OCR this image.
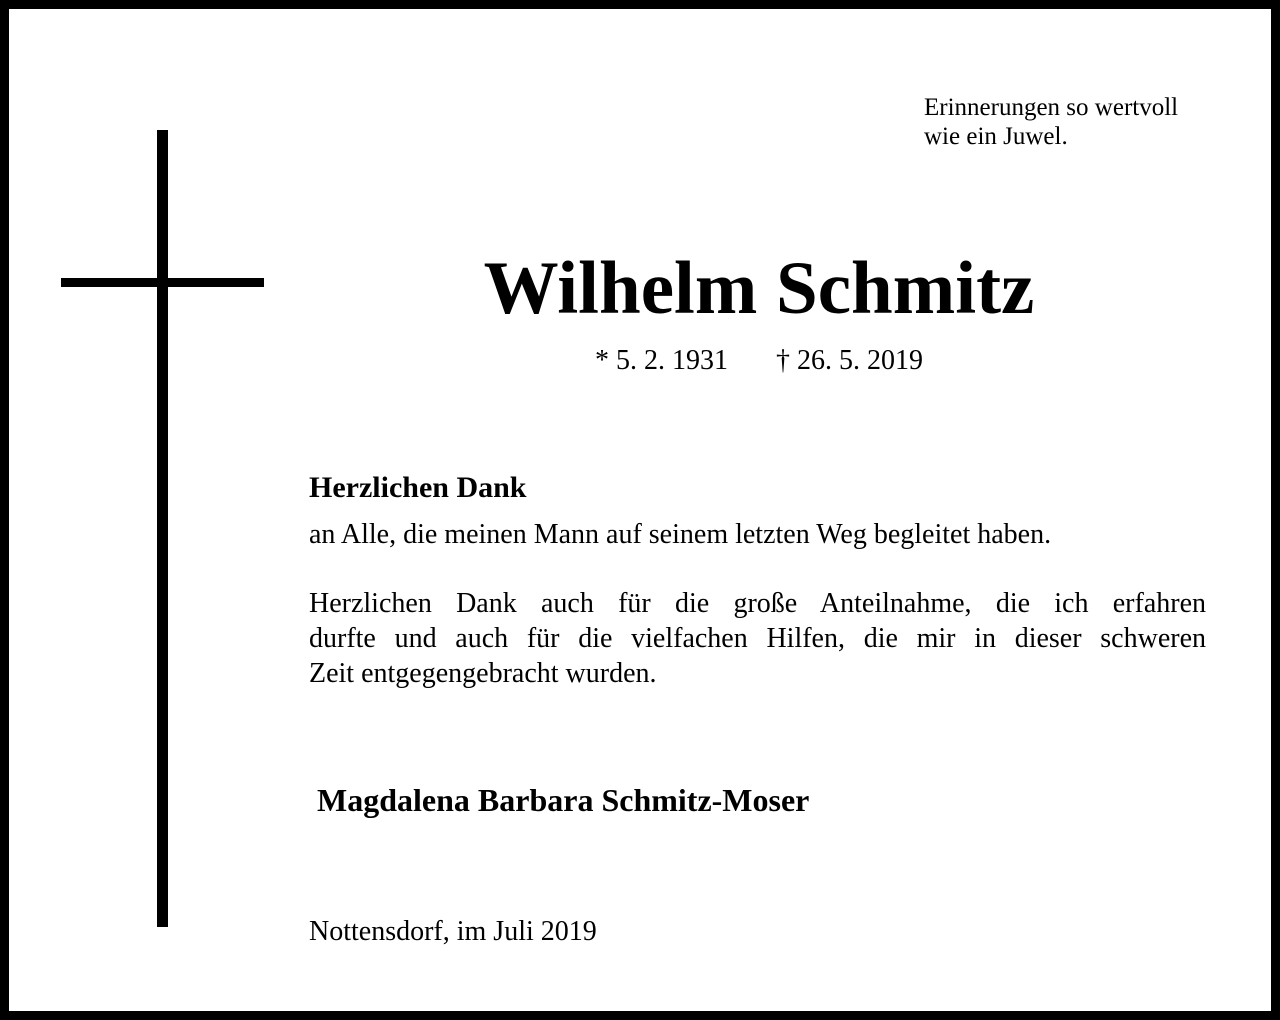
Erinnerungen so wertvoll
wie ein Juwel.
Wilhelm Schmitz
* 5. 2. 1931 † 26. 5. 2019
Herzlichen Dank
an Alle, die meinen Mann auf seinem letzten Weg begleitet haben.
Herzlichen Dank auch für die große Anteilnahme, die ich erfahren
durfte und auch für die vielfachen Hilfen, die mir in dieser schweren
Zeit entgegengebracht wurden.
Magdalena Barbara Schmitz-Moser
Nottensdorf, im Juli 2019
